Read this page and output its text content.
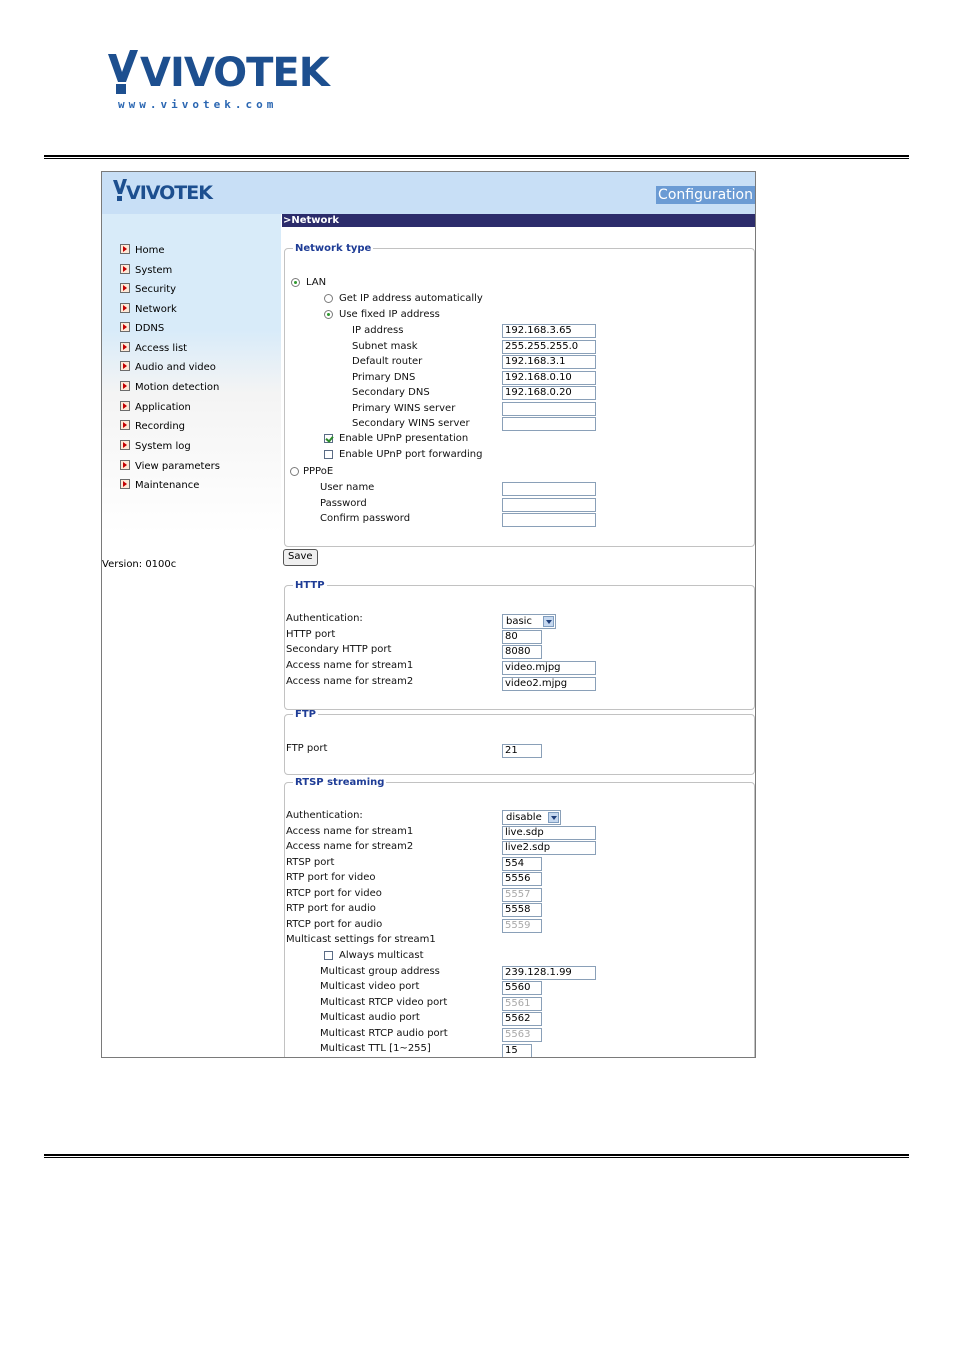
VIVOTEK
www.vivotek.com
VIVOTEK	Configuration
Home
System
Security
Network
DDNS
Access list
Audio and video
Motion detection
Application
Recording
System log
View parameters
Maintenance
Version: 0100c
>Network
Network type
LAN
Get IP address automatically
Use fixed IP address
IP address	192.168.3.65
Subnet mask	255.255.255.0
Default router	192.168.3.1
Primary DNS	192.168.0.10
Secondary DNS	192.168.0.20
Primary WINS server
Secondary WINS server
Enable UPnP presentation
Enable UPnP port forwarding
PPPoE
User name
Password
Confirm password
Save
HTTP
Authentication:	basic
HTTP port	80
Secondary HTTP port	8080
Access name for stream1	video.mjpg
Access name for stream2	video2.mjpg
FTP
FTP port	21
RTSP streaming
Authentication:	disable
Access name for stream1	live.sdp
Access name for stream2	live2.sdp
RTSP port	554
RTP port for video	5556
RTCP port for video	5557
RTP port for audio	5558
RTCP port for audio	5559
Multicast settings for stream1
Always multicast
Multicast group address	239.128.1.99
Multicast video port	5560
Multicast RTCP video port	5561
Multicast audio port	5562
Multicast RTCP audio port	5563
Multicast TTL [1~255]	15
